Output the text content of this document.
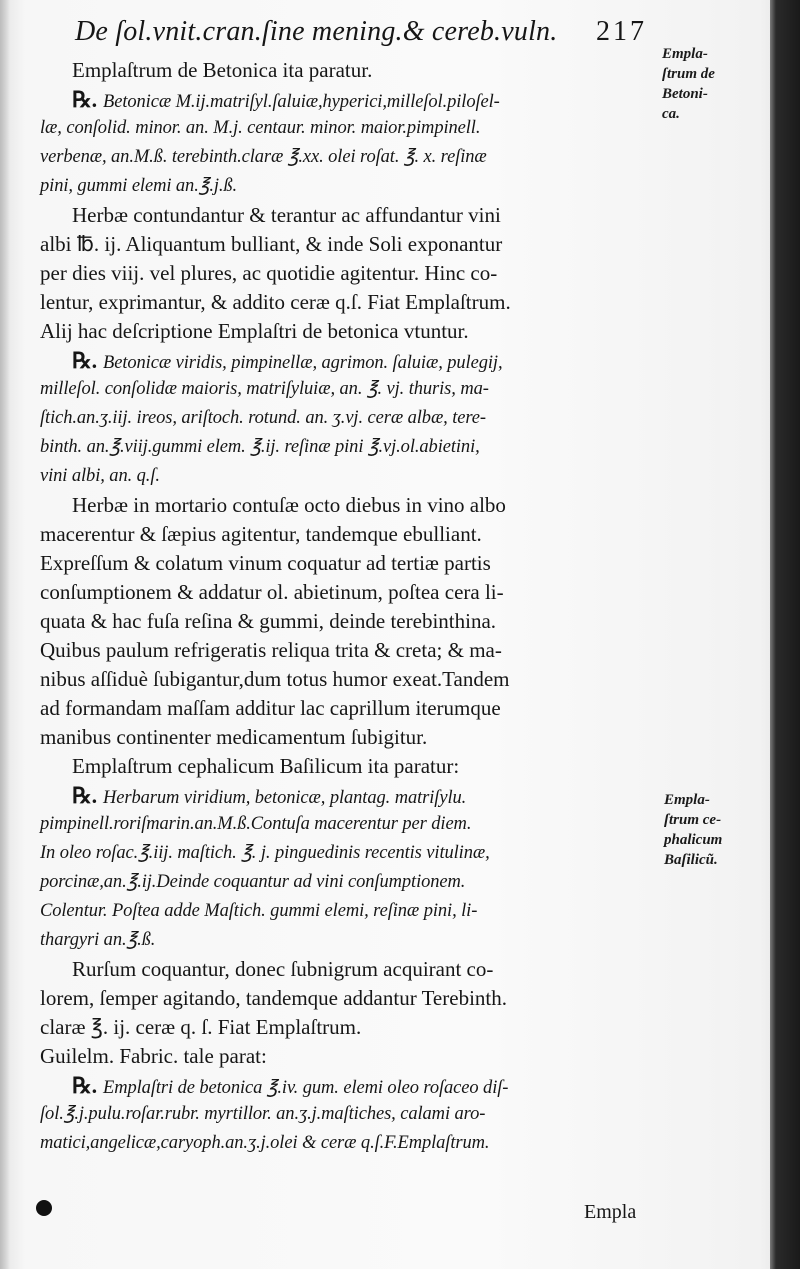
De ſol.vnit.cran.ſine mening.& cereb.vuln.	217
Empla-
ſtrum de
Betoni-
ca.
Empla-
ſtrum ce-
phalicum
Baſilicũ.
Emplaſtrum de Betonica ita paratur.
℞. Betonicæ M.ij.matriſyl.ſaluiæ,hyperici,milleſol.piloſel-
læ, conſolid. minor. an. M.j. centaur. minor. maior.pimpinell.
verbenæ, an.M.ß. terebinth.claræ ℥.xx. olei roſat. ℥. x. reſinæ
pini, gummi elemi an.℥.j.ß.
Herbæ contundantur & terantur ac affundantur vini
albi ℔. ij. Aliquantum bulliant, & inde Soli exponantur
per dies viij. vel plures, ac quotidie agitentur. Hinc co-
lentur, exprimantur, & addito ceræ q.ſ. Fiat Emplaſtrum.
Alij hac deſcriptione Emplaſtri de betonica vtuntur.
℞. Betonicæ viridis, pimpinellæ, agrimon. ſaluiæ, pulegij,
milleſol. conſolidæ maioris, matriſyluiæ, an. ℥. vj. thuris, ma-
ſtich.an.ʒ.iij. ireos, ariſtoch. rotund. an. ʒ.vj. ceræ albæ, tere-
binth. an.℥.viij.gummi elem. ℥.ij. reſinæ pini ℥.vj.ol.abietini,
vini albi, an. q.ſ.
Herbæ in mortario contuſæ octo diebus in vino albo
macerentur & ſæpius agitentur, tandemque ebulliant.
Expreſſum & colatum vinum coquatur ad tertiæ partis
conſumptionem & addatur ol. abietinum, poſtea cera li-
quata & hac fuſa reſina & gummi, deinde terebinthina.
Quibus paulum refrigeratis reliqua trita & creta; & ma-
nibus aſſiduè ſubigantur,dum totus humor exeat.Tandem
ad formandam maſſam additur lac caprillum iterumque
manibus continenter medicamentum ſubigitur.
Emplaſtrum cephalicum Baſilicum ita paratur:
℞. Herbarum viridium, betonicæ, plantag. matriſylu.
pimpinell.roriſmarin.an.M.ß.Contuſa macerentur per diem.
In oleo roſac.℥.iij. maſtich. ℥. j. pinguedinis recentis vitulinæ,
porcinæ,an.℥.ij.Deinde coquantur ad vini conſumptionem.
Colentur. Poſtea adde Maſtich. gummi elemi, reſinæ pini, li-
thargyri an.℥.ß.
Rurſum coquantur, donec ſubnigrum acquirant co-
lorem, ſemper agitando, tandemque addantur Terebinth.
claræ ℥. ij. ceræ q. ſ. Fiat Emplaſtrum.
Guilelm. Fabric. tale parat:
℞. Emplaſtri de betonica ℥.iv. gum. elemi oleo roſaceo diſ-
ſol.℥.j.pulu.roſar.rubr. myrtillor. an.ʒ.j.maſtiches, calami aro-
matici,angelicæ,caryoph.an.ʒ.j.olei & ceræ q.ſ.F.Emplaſtrum.
Empla
